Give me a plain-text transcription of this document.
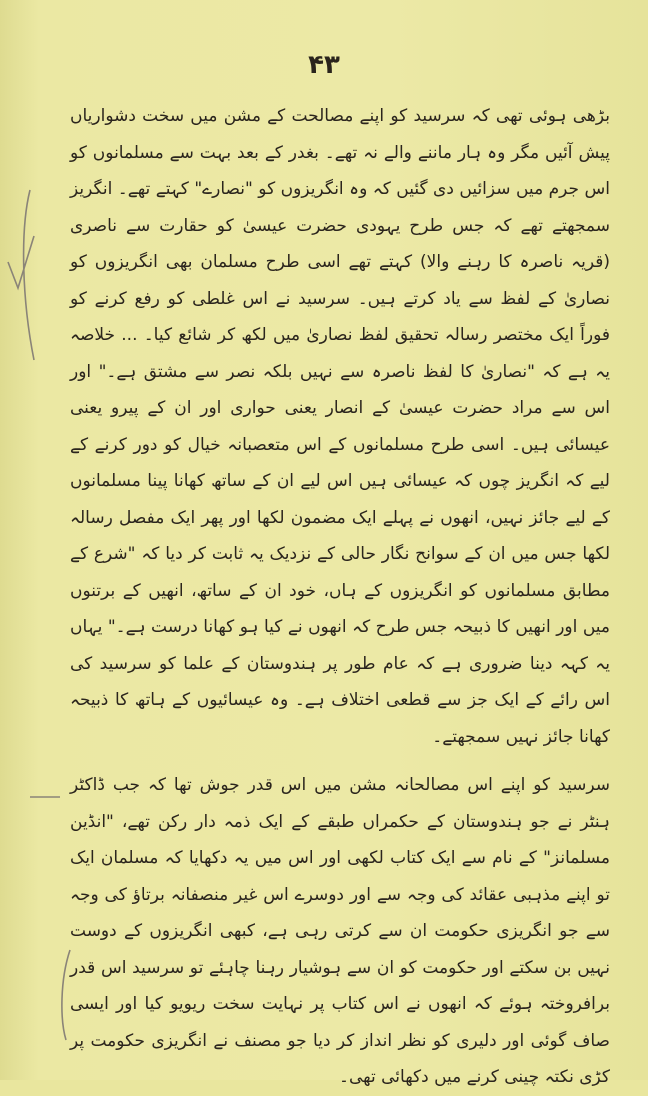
۴۳

بڑھی ہوئی تھی کہ سرسید کو اپنے مصالحت کے مشن میں سخت دشواریاں پیش آئیں مگر وہ ہار ماننے والے نہ تھے۔ بغدر کے بعد بہت سے مسلمانوں کو اس جرم میں سزائیں دی گئیں کہ وہ انگریزوں کو "نصارے" کہتے تھے۔ انگریز سمجھتے تھے کہ جس طرح یہودی حضرت عیسیٰ کو حقارت سے ناصری (قریہ ناصرہ کا رہنے والا) کہتے تھے اسی طرح مسلمان بھی انگریزوں کو نصاریٰ کے لفظ سے یاد کرتے ہیں۔ سرسید نے اس غلطی کو رفع کرنے کو فوراً ایک مختصر رسالہ تحقیق لفظ نصاریٰ میں لکھ کر شائع کیا۔ ... خلاصہ یہ ہے کہ "نصاریٰ کا لفظ ناصرہ سے نہیں بلکہ نصر سے مشتق ہے۔" اور اس سے مراد حضرت عیسیٰ کے انصار یعنی حواری اور ان کے پیرو یعنی عیسائی ہیں۔ اسی طرح مسلمانوں کے اس متعصبانہ خیال کو دور کرنے کے لیے کہ انگریز چوں کہ عیسائی ہیں اس لیے ان کے ساتھ کھانا پینا مسلمانوں کے لیے جائز نہیں، انھوں نے پہلے ایک مضمون لکھا اور پھر ایک مفصل رسالہ لکھا جس میں ان کے سوانح نگار حالی کے نزدیک یہ ثابت کر دیا کہ "شرع کے مطابق مسلمانوں کو انگریزوں کے ہاں، خود ان کے ساتھ، انھیں کے برتنوں میں اور انھیں کا ذبیحہ جس طرح کہ انھوں نے کیا ہو کھانا درست ہے۔" یہاں یہ کہہ دینا ضروری ہے کہ عام طور پر ہندوستان کے علما کو سرسید کی اس رائے کے ایک جز سے قطعی اختلاف ہے۔ وہ عیسائیوں کے ہاتھ کا ذبیحہ کھانا جائز نہیں سمجھتے۔

سرسید کو اپنے اس مصالحانہ مشن میں اس قدر جوش تھا کہ جب ڈاکٹر ہنٹر نے جو ہندوستان کے حکمراں طبقے کے ایک ذمہ دار رکن تھے، "انڈین مسلمانز" کے نام سے ایک کتاب لکھی اور اس میں یہ دکھایا کہ مسلمان ایک تو اپنے مذہبی عقائد کی وجہ سے اور دوسرے اس غیر منصفانہ برتاؤ کی وجہ سے جو انگریزی حکومت ان سے کرتی رہی ہے، کبھی انگریزوں کے دوست نہیں بن سکتے اور حکومت کو ان سے ہوشیار رہنا چاہئے تو سرسید اس قدر برافروختہ ہوئے کہ انھوں نے اس کتاب پر نہایت سخت ریویو کیا اور ایسی صاف گوئی اور دلیری کو نظر انداز کر دیا جو مصنف نے انگریزی حکومت پر کڑی نکتہ چینی کرنے میں دکھائی تھی۔
